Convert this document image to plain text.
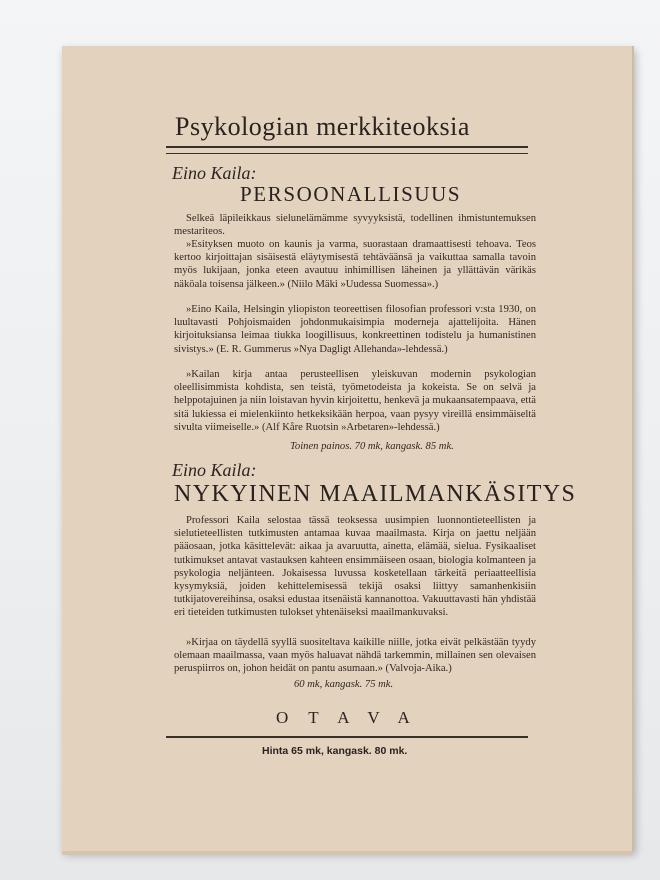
Psykologian merkkiteoksia
Eino Kaila:
PERSOONALLISUUS

Selkeä läpileikkaus sielunelämämme syvyyksistä, todellinen ihmistuntemuksen mestariteos.

»Esityksen muoto on kaunis ja varma, suorastaan dramaattisesti tehoava. Teos kertoo kirjoittajan sisäisestä eläytymisestä tehtäväänsä ja vaikuttaa samalla tavoin myös lukijaan, jonka eteen avautuu inhimillisen läheinen ja yllättävän värikäs näköala toisensa jälkeen.» (Niilo Mäki »Uudessa Suomessa».)

»Eino Kaila, Helsingin yliopiston teoreettisen filosofian professori v:sta 1930, on luultavasti Pohjoismaiden johdonmukaisimpia moderneja ajattelijoita. Hänen kirjoituksiansa leimaa tiukka loogillisuus, konkreettinen todistelu ja humanistinen sivistys.» (E. R. Gummerus »Nya Dagligt Allehanda»-lehdessä.)

»Kailan kirja antaa perusteellisen yleiskuvan modernin psykologian oleellisimmista kohdista, sen teistä, työmetodeista ja kokeista. Se on selvä ja helppotajuinen ja niin loistavan hyvin kirjoitettu, henkevä ja mukaansatempaava, että sitä lukiessa ei mielenkiinto hetkeksikään herpoa, vaan pysyy vireillä ensimmäiseltä sivulta viimeiselle.» (Alf Kåre Ruotsin »Arbetaren»-lehdessä.)

Toinen painos. 70 mk, kangask. 85 mk.
Eino Kaila:
NYKYINEN MAAILMANKÄSITYS

Professori Kaila selostaa tässä teoksessa uusimpien luonnontieteellisten ja sielutieteellisten tutkimusten antamaa kuvaa maailmasta. Kirja on jaettu neljään pääosaan, jotka käsittelevät: aikaa ja avaruutta, ainetta, elämää, sielua. Fysikaaliset tutkimukset antavat vastauksen kahteen ensimmäiseen osaan, biologia kolmanteen ja psykologia neljänteen. Jokaisessa luvussa kosketellaan tärkeitä periaatteellisia kysymyksiä, joiden kehittelemisessä tekijä osaksi liittyy samanhenkisiin tutkijatovereihinsa, osaksi edustaa itsenäistä kannanottoa. Vakuuttavasti hän yhdistää eri tieteiden tutkimusten tulokset yhtenäiseksi maailmankuvaksi.

»Kirjaa on täydellä syyllä suositeltava kaikille niille, jotka eivät pelkästään tyydy olemaan maailmassa, vaan myös haluavat nähdä tarkemmin, millainen sen olevaisen peruspiirros on, johon heidät on pantu asumaan.» (Valvoja-Aika.)

60 mk, kangask. 75 mk.
OTAVA
Hinta 65 mk, kangask. 80 mk.
